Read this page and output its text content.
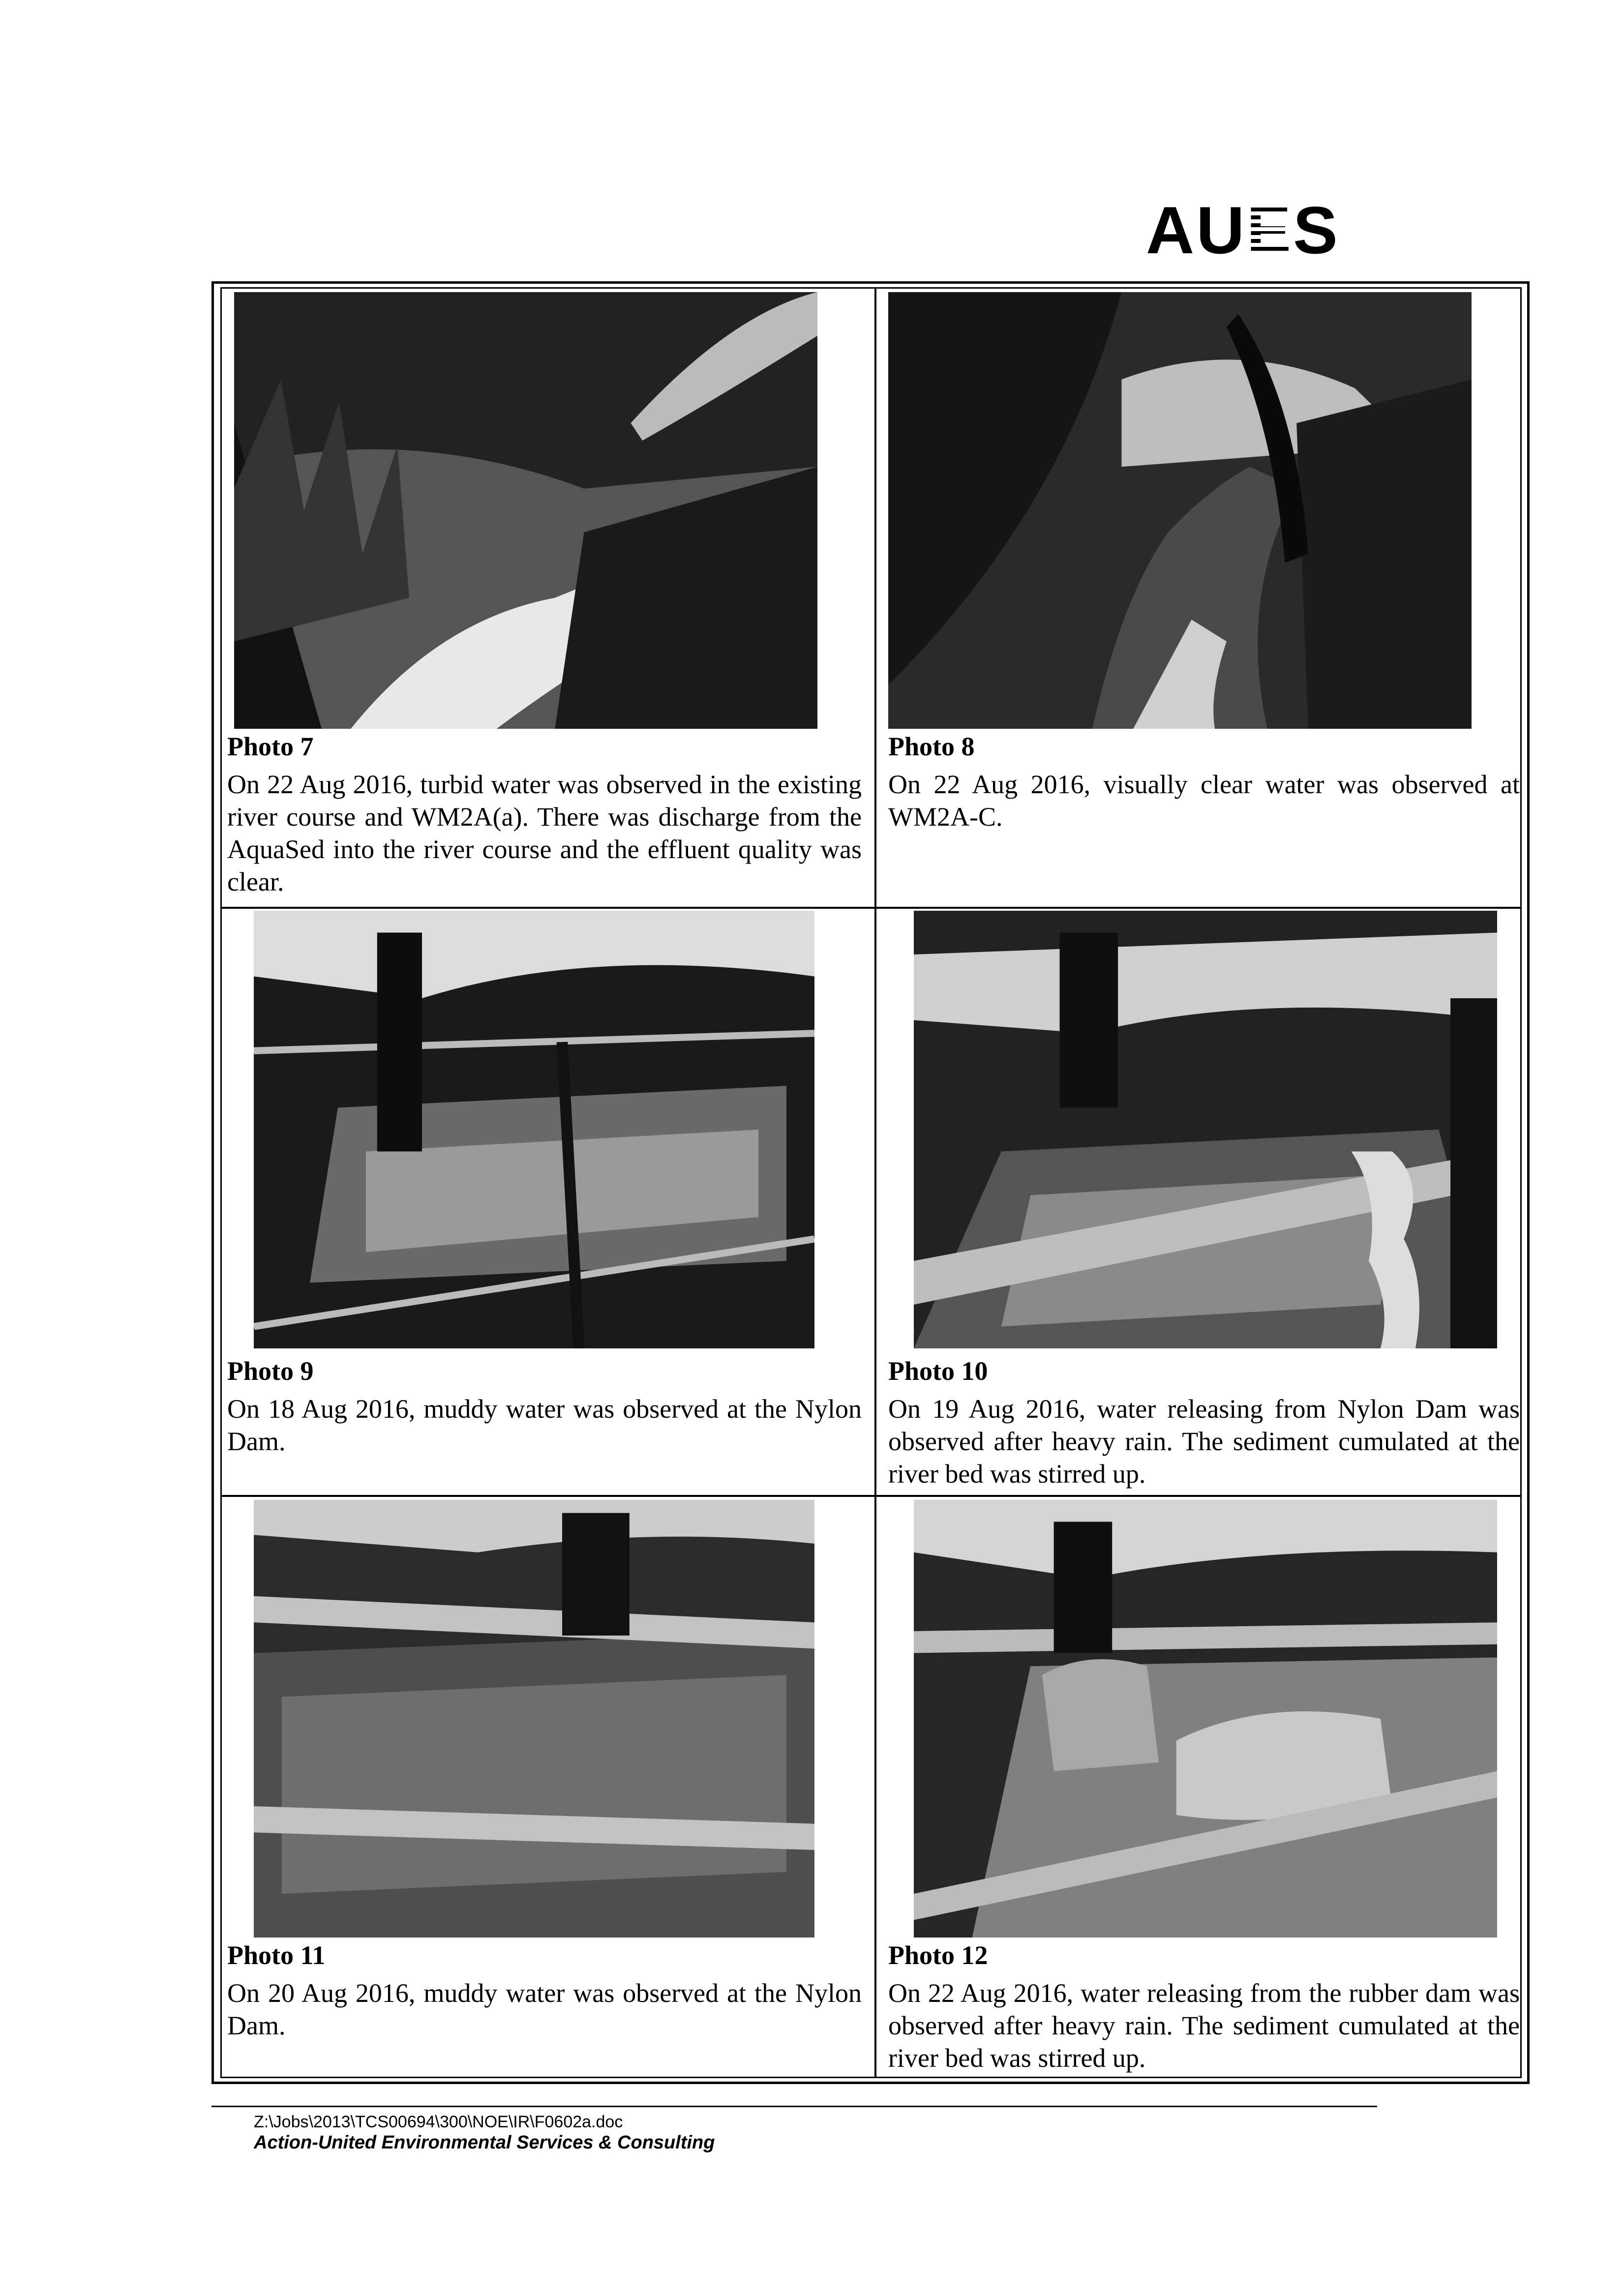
AUES
Photo 7
On 22 Aug 2016, turbid water was observed in the existing river course and WM2A(a). There was discharge from the AquaSed into the river course and the effluent quality was clear.
Photo 8
On 22 Aug 2016, visually clear water was observed at WM2A-C.
Photo 9
On 18 Aug 2016, muddy water was observed at the Nylon Dam.
Photo 10
On 19 Aug 2016, water releasing from Nylon Dam was observed after heavy rain. The sediment cumulated at the river bed was stirred up.
Photo 11
On 20 Aug 2016, muddy water was observed at the Nylon Dam.
Photo 12
On 22 Aug 2016, water releasing from the rubber dam was observed after heavy rain. The sediment cumulated at the river bed was stirred up.
Z:\Jobs\2013\TCS00694\300\NOE\IR\F0602a.doc
Action-United Environmental Services & Consulting
